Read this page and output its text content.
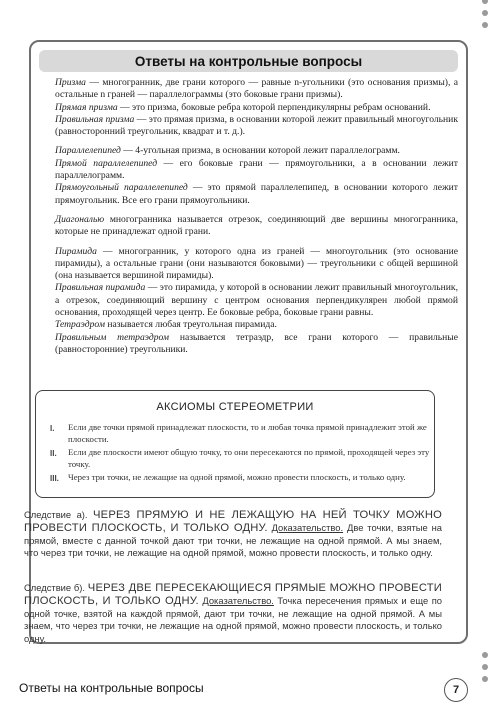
Ответы на контрольные вопросы

Призма — многогранник, две грани которого — равные n-угольники (это основания призмы), а остальные n граней — параллелограммы (это боковые грани призмы).

Прямая призма — это призма, боковые ребра которой перпендикулярны ребрам оснований.

Правильная призма — это прямая призма, в основании которой лежит правильный многоугольник (равносторонний треугольник, квадрат и т. д.).

Параллелепипед — 4-угольная призма, в основании которой лежит параллелограмм.

Прямой параллелепипед — его боковые грани — прямоугольники, а в основании лежит параллелограмм.

Прямоугольный параллелепипед — это прямой параллелепипед, в основании которого лежит прямоугольник. Все его грани прямоугольники.

Диагональю многогранника называется отрезок, соединяющий две вершины многогранника, которые не принадлежат одной грани.

Пирамида — многогранник, у которого одна из граней — многоугольник (это основание пирамиды), а остальные грани (они называются боковыми) — треугольники с общей вершиной (она называется вершиной пирамиды).

Правильная пирамида — это пирамида, у которой в основании лежит правильный многоугольник, а отрезок, соединяющий вершину с центром основания перпендикулярен любой прямой основания, проходящей через центр. Ее боковые ребра, боковые грани равны.

Тетраэдром называется любая треугольная пирамида.

Правильным тетраэдром называется тетраэдр, все грани которого — правильные (равносторонние) треугольники.

АКСИОМЫ СТЕРЕОМЕТРИИ
I.	Если две точки прямой принадлежат плоскости, то и любая точка прямой принадлежит этой же плоскости.
II.	Если две плоскости имеют общую точку, то они пересекаются по прямой, проходящей через эту точку.
III.	Через три точки, не лежащие на одной прямой, можно провести плоскость, и только одну.
Следствие а). ЧЕРЕЗ ПРЯМУЮ И НЕ ЛЕЖАЩУЮ НА НЕЙ ТОЧКУ МОЖНО ПРОВЕСТИ ПЛОСКОСТЬ, И ТОЛЬКО ОДНУ. Доказательство. Две точки, взятые на прямой, вместе с данной точкой дают три точки, не лежащие на одной прямой. А мы знаем, что через три точки, не лежащие на одной прямой, можно провести плоскость, и только одну.
Следствие б). ЧЕРЕЗ ДВЕ ПЕРЕСЕКАЮЩИЕСЯ ПРЯМЫЕ МОЖНО ПРОВЕСТИ ПЛОСКОСТЬ, И ТОЛЬКО ОДНУ. Доказательство. Точка пересечения прямых и еще по одной точке, взятой на каждой прямой, дают три точки, не лежащие на одной прямой. А мы знаем, что через три точки, не лежащие на одной прямой, можно провести плоскость, и только одну.
Ответы на контрольные вопросы	7
